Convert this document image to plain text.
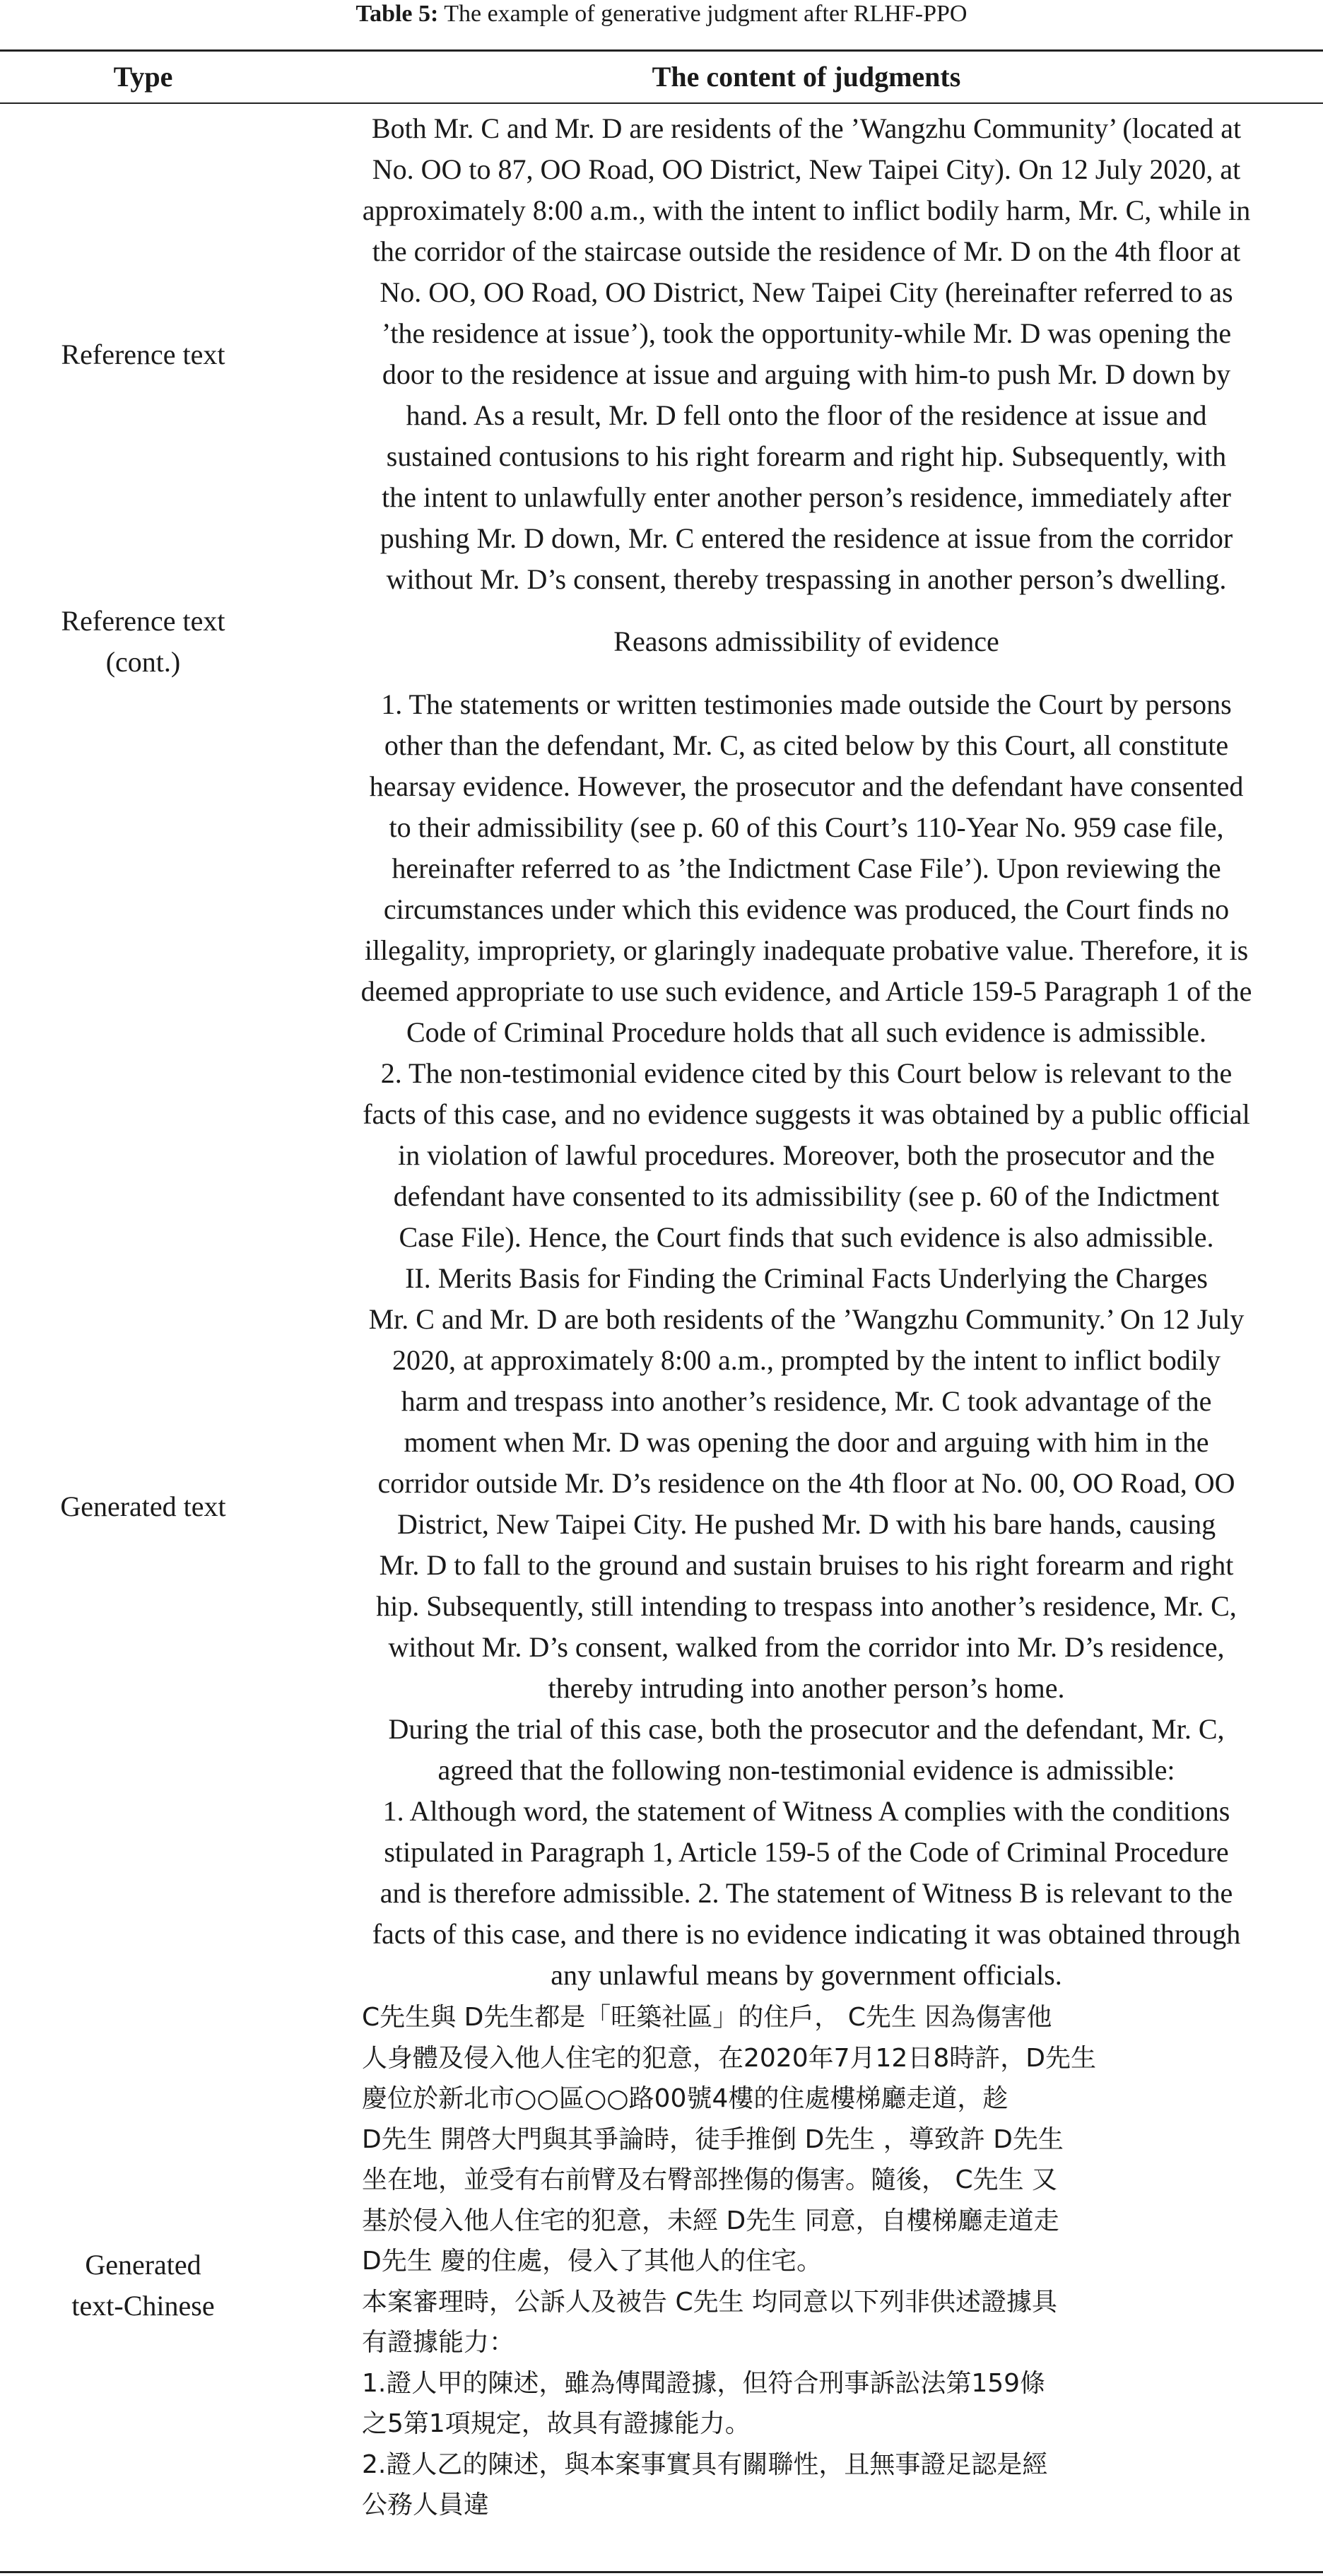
Table 5: The example of generative judgment after RLHF-PPO
Type	The content of judgments
Reference text
Both Mr. C and Mr. D are residents of the ’Wangzhu Community’ (located at
No. OO to 87, OO Road, OO District, New Taipei City). On 12 July 2020, at
approximately 8:00 a.m., with the intent to inflict bodily harm, Mr. C, while in
the corridor of the staircase outside the residence of Mr. D on the 4th floor at
No. OO, OO Road, OO District, New Taipei City (hereinafter referred to as
’the residence at issue’), took the opportunity-while Mr. D was opening the
door to the residence at issue and arguing with him-to push Mr. D down by
hand. As a result, Mr. D fell onto the floor of the residence at issue and
sustained contusions to his right forearm and right hip. Subsequently, with
the intent to unlawfully enter another person’s residence, immediately after
pushing Mr. D down, Mr. C entered the residence at issue from the corridor
without Mr. D’s consent, thereby trespassing in another person’s dwelling.
Reference text
(cont.)
Reasons admissibility of evidence
1. The statements or written testimonies made outside the Court by persons
other than the defendant, Mr. C, as cited below by this Court, all constitute
hearsay evidence. However, the prosecutor and the defendant have consented
to their admissibility (see p. 60 of this Court’s 110-Year No. 959 case file,
hereinafter referred to as ’the Indictment Case File’). Upon reviewing the
circumstances under which this evidence was produced, the Court finds no
illegality, impropriety, or glaringly inadequate probative value. Therefore, it is
deemed appropriate to use such evidence, and Article 159-5 Paragraph 1 of the
Code of Criminal Procedure holds that all such evidence is admissible.
2. The non-testimonial evidence cited by this Court below is relevant to the
facts of this case, and no evidence suggests it was obtained by a public official
in violation of lawful procedures. Moreover, both the prosecutor and the
defendant have consented to its admissibility (see p. 60 of the Indictment
Case File). Hence, the Court finds that such evidence is also admissible.
II. Merits Basis for Finding the Criminal Facts Underlying the Charges
Generated text
Mr. C and Mr. D are both residents of the ’Wangzhu Community.’ On 12 July
2020, at approximately 8:00 a.m., prompted by the intent to inflict bodily
harm and trespass into another’s residence, Mr. C took advantage of the
moment when Mr. D was opening the door and arguing with him in the
corridor outside Mr. D’s residence on the 4th floor at No. 00, OO Road, OO
District, New Taipei City. He pushed Mr. D with his bare hands, causing
Mr. D to fall to the ground and sustain bruises to his right forearm and right
hip. Subsequently, still intending to trespass into another’s residence, Mr. C,
without Mr. D’s consent, walked from the corridor into Mr. D’s residence,
thereby intruding into another person’s home.
During the trial of this case, both the prosecutor and the defendant, Mr. C,
agreed that the following non-testimonial evidence is admissible:
1. Although word, the statement of Witness A complies with the conditions
stipulated in Paragraph 1, Article 159-5 of the Code of Criminal Procedure
and is therefore admissible. 2. The statement of Witness B is relevant to the
facts of this case, and there is no evidence indicating it was obtained through
any unlawful means by government officials.
Generated
text-Chinese
C先生與 D先生都是「旺築社區」的住戶， C先生 因為傷害他
人身體及侵入他人住宅的犯意，在2020年7月12日8時許，D先生
慶位於新北市○○區○○路00號4樓的住處樓梯廳走道，趁
D先生 開啓大門與其爭論時，徒手推倒 D先生 ，導致許 D先生
坐在地，並受有右前臂及右臀部挫傷的傷害。隨後， C先生 又
基於侵入他人住宅的犯意，未經 D先生 同意，自樓梯廳走道走
D先生 慶的住處，侵入了其他人的住宅。
本案審理時，公訴人及被告 C先生 均同意以下列非供述證據具
有證據能力：
1.證人甲的陳述，雖為傳聞證據，但符合刑事訴訟法第159條
之5第1項規定，故具有證據能力。
2.證人乙的陳述，與本案事實具有關聯性，且無事證足認是經
公務人員違
